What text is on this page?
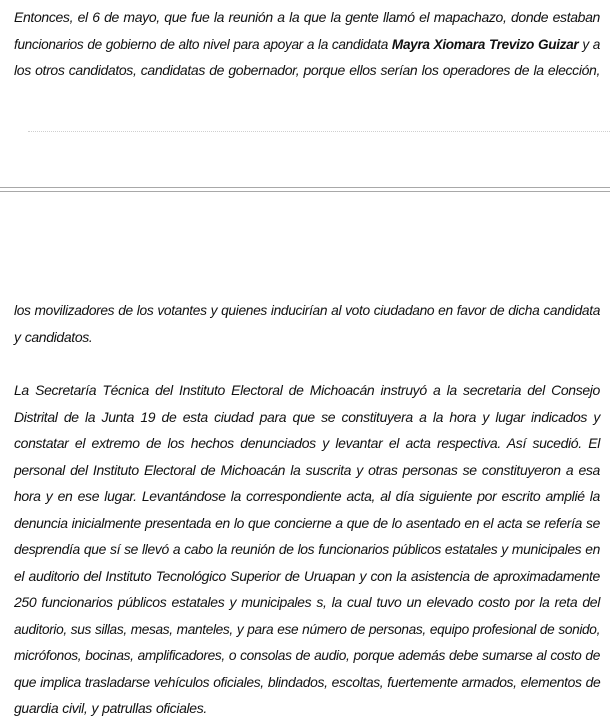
Entonces, el 6 de mayo, que fue la reunión a la que la gente llamó el mapachazo, donde estaban
funcionarios de gobierno de alto nivel para apoyar a la candidata Mayra Xiomara Trevizo Guizar y a
los otros candidatos, candidatas de gobernador, porque ellos serían los operadores de la elección,
los movilizadores de los votantes y quienes inducirían al voto ciudadano en favor de dicha candidata
y candidatos.
La Secretaría Técnica del Instituto Electoral de Michoacán instruyó a la secretaria del Consejo
Distrital de la Junta 19 de esta ciudad para que se constituyera a la hora y lugar indicados y
constatar el extremo de los hechos denunciados y levantar el acta respectiva. Así sucedió. El
personal del Instituto Electoral de Michoacán la suscrita y otras personas se constituyeron a esa
hora y en ese lugar. Levantándose la correspondiente acta, al día siguiente por escrito amplié la
denuncia inicialmente presentada en lo que concierne a que de lo asentado en el acta se refería se
desprendía que sí se llevó a cabo la reunión de los funcionarios públicos estatales y municipales en
el auditorio del Instituto Tecnológico Superior de Uruapan y con la asistencia de aproximadamente
250 funcionarios públicos estatales y municipales s, la cual tuvo un elevado costo por la reta del
auditorio, sus sillas, mesas, manteles, y para ese número de personas, equipo profesional de sonido,
micrófonos, bocinas, amplificadores, o consolas de audio, porque además debe sumarse al costo de
que implica trasladarse vehículos oficiales, blindados, escoltas, fuertemente armados, elementos de
guardia civil, y patrullas oficiales.
